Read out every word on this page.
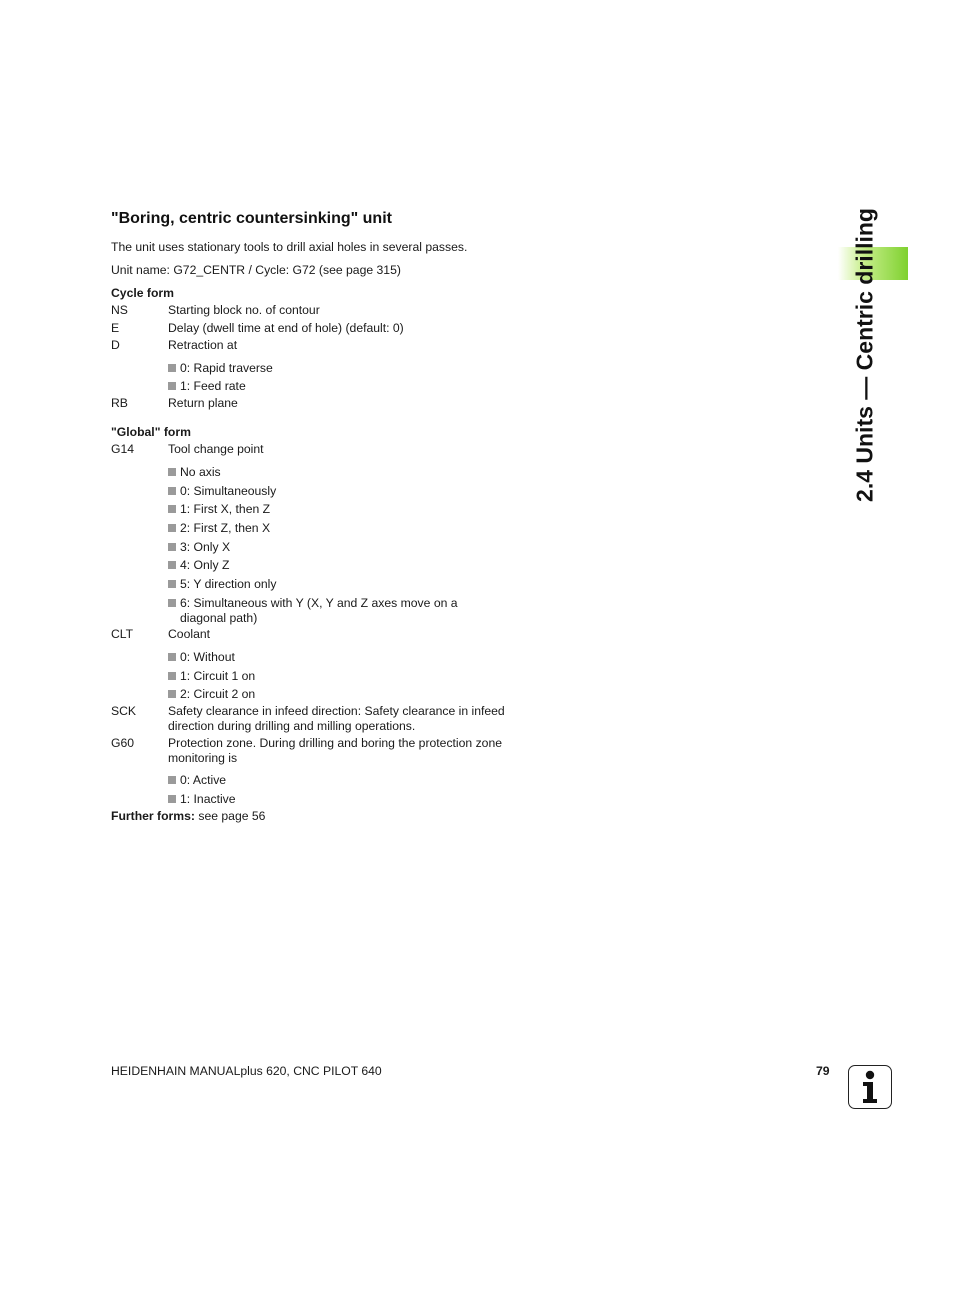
"Boring, centric countersinking" unit

The unit uses stationary tools to drill axial holes in several passes.

Unit name: G72_CENTR / Cycle: G72 (see page 315)

Cycle form
NS	Starting block no. of contour
E	Delay (dwell time at end of hole) (default: 0)
D	Retraction at
0: Rapid traverse
1: Feed rate
RB	Return plane
"Global" form
G14	Tool change point
No axis
0: Simultaneously
1: First X, then Z
2: First Z, then X
3: Only X
4: Only Z
5: Y direction only
6: Simultaneous with Y (X, Y and Z axes move on a diagonal path)
CLT	Coolant
0: Without
1: Circuit 1 on
2: Circuit 2 on
SCK	Safety clearance in infeed direction: Safety clearance in infeed direction during drilling and milling operations.
G60	Protection zone. During drilling and boring the protection zone monitoring is
0: Active
1: Inactive
Further forms: see page 56
2.4 Units — Centric drilling
HEIDENHAIN MANUALplus 620, CNC PILOT 640	79
